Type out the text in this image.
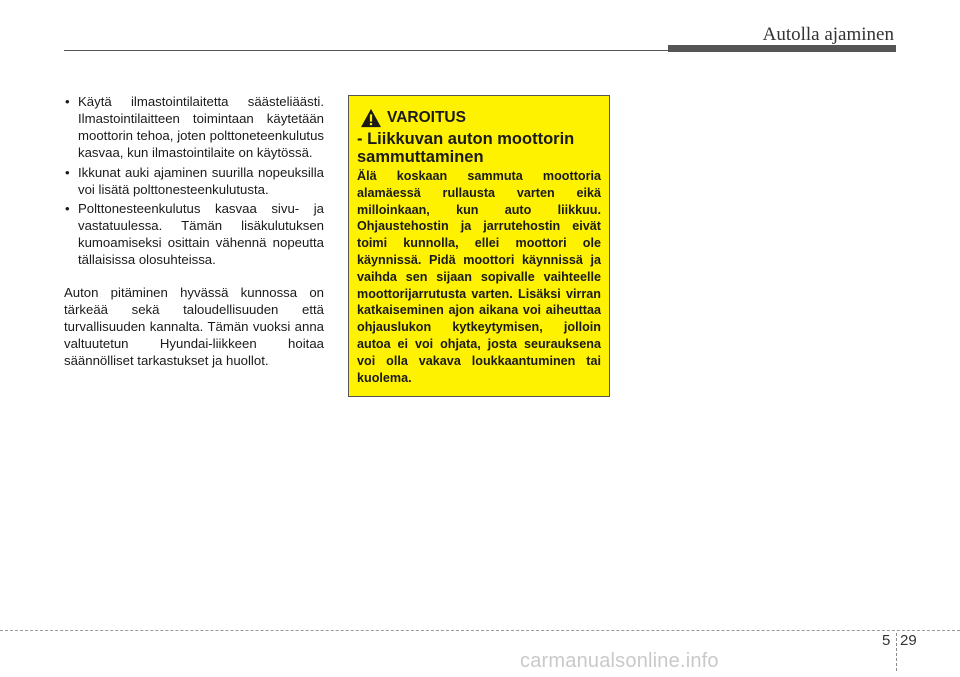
Autolla ajaminen
• Käytä ilmastointilaitetta säästeliäästi. Ilmastointilaitteen toimintaan käytetään moottorin tehoa, joten polttoneteenkulutus kasvaa, kun ilmastointilaite on käytössä.
• Ikkunat auki ajaminen suurilla nopeuksilla voi lisätä polttonesteenkulutusta.
• Polttonesteenkulutus kasvaa sivu- ja vastatuulessa. Tämän lisäkulutuksen kumoamiseksi osittain vähennä nopeutta tällaisissa olosuhteissa.

Auton pitäminen hyvässä kunnossa on tärkeää sekä taloudellisuuden että turvallisuuden kannalta. Tämän vuoksi anna valtuutetun Hyundai-liikkeen hoitaa säännölliset tarkastukset ja huollot.

VAROITUS
- Liikkuvan auton moottorin sammuttaminen
Älä koskaan sammuta moottoria alamäessä rullausta varten eikä milloinkaan, kun auto liikkuu. Ohjaustehostin ja jarrutehostin eivät toimi kunnolla, ellei moottori ole käynnissä. Pidä moottori käynnissä ja vaihda sen sijaan sopivalle vaihteelle moottorijarrutusta varten. Lisäksi virran katkaiseminen ajon aikana voi aiheuttaa ohjauslukon kytkeytymisen, jolloin autoa ei voi ohjata, josta seurauksena voi olla vakava loukkaantuminen tai kuolema.
5 29
carmanualsonline.info
